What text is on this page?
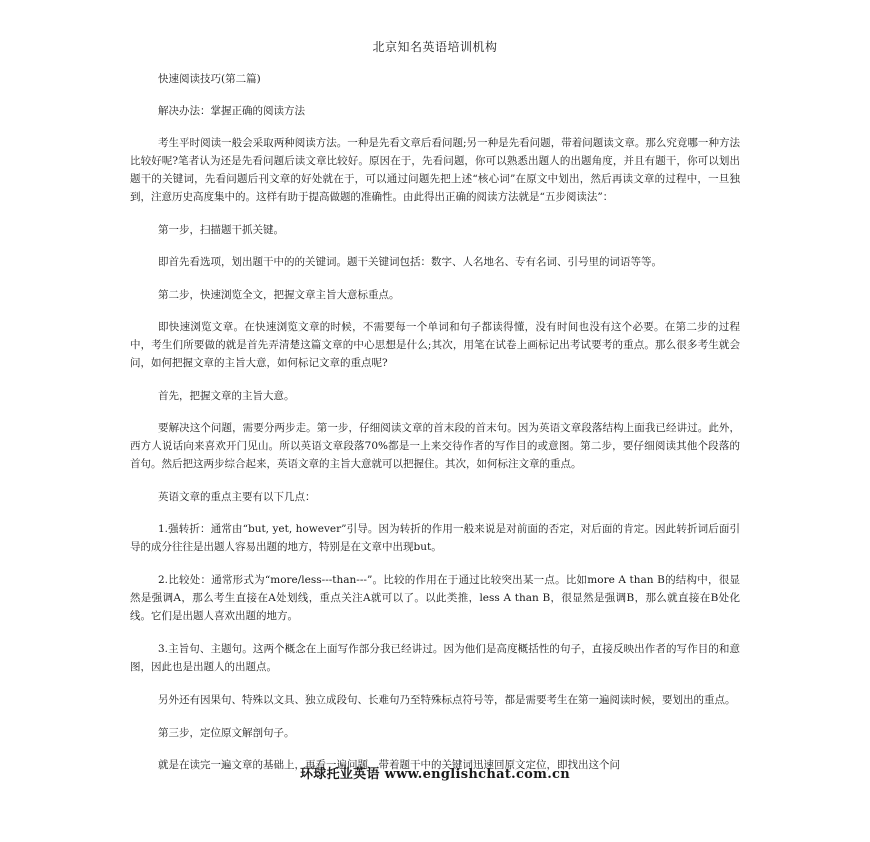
北京知名英语培训机构

快速阅读技巧(第二篇)

解决办法：掌握正确的阅读方法

考生平时阅读一般会采取两种阅读方法。一种是先看文章后看问题;另一种是先看问题，带着问题读文章。那么究竟哪一种方法比较好呢?笔者认为还是先看问题后读文章比较好。原因在于，先看问题，你可以熟悉出题人的出题角度，并且有题干，你可以划出题干的关键词，先看问题后刊文章的好处就在于，可以通过问题先把上述“核心词”在原文中划出，然后再读文章的过程中，一旦独到，注意历史高度集中的。这样有助于提高做题的准确性。由此得出正确的阅读方法就是“五步阅读法”：

第一步，扫描题干抓关键。

即首先看选项，划出题干中的的关键词。题干关键词包括：数字、人名地名、专有名词、引号里的词语等等。

第二步，快速浏览全文，把握文章主旨大意标重点。

即快速浏览文章。在快速浏览文章的时候，不需要每一个单词和句子都读得懂，没有时间也没有这个必要。在第二步的过程中，考生们所要做的就是首先弄清楚这篇文章的中心思想是什么;其次，用笔在试卷上画标记出考试要考的重点。那么很多考生就会问，如何把握文章的主旨大意，如何标记文章的重点呢?

首先，把握文章的主旨大意。

要解决这个问题，需要分两步走。第一步，仔细阅读文章的首末段的首末句。因为英语文章段落结构上面我已经讲过。此外，西方人说话向来喜欢开门见山。所以英语文章段落70%都是一上来交待作者的写作目的或意图。第二步，要仔细阅读其他个段落的首句。然后把这两步综合起来，英语文章的主旨大意就可以把握住。其次，如何标注文章的重点。

英语文章的重点主要有以下几点：

1.强转折：通常由“but, yet, however”引导。因为转折的作用一般来说是对前面的否定，对后面的肯定。因此转折词后面引导的成分往往是出题人容易出题的地方，特别是在文章中出现but。

2.比较处：通常形式为“more/less---than---”。比较的作用在于通过比较突出某一点。比如more A than B的结构中，很显然是强调A，那么考生直接在A处划线，重点关注A就可以了。以此类推，less A than B，很显然是强调B，那么就直接在B处化线。它们是出题人喜欢出题的地方。

3.主旨句、主题句。这两个概念在上面写作部分我已经讲过。因为他们是高度概括性的句子，直接反映出作者的写作目的和意图，因此也是出题人的出题点。

另外还有因果句、特殊以文具、独立成段句、长难句乃至特殊标点符号等，都是需要考生在第一遍阅读时候，要划出的重点。

第三步，定位原文解剖句子。

就是在读完一遍文章的基础上，再看一遍问题，带着题干中的关键词迅速回原文定位，即找出这个问

环球托业英语 www.englishchat.com.cn
